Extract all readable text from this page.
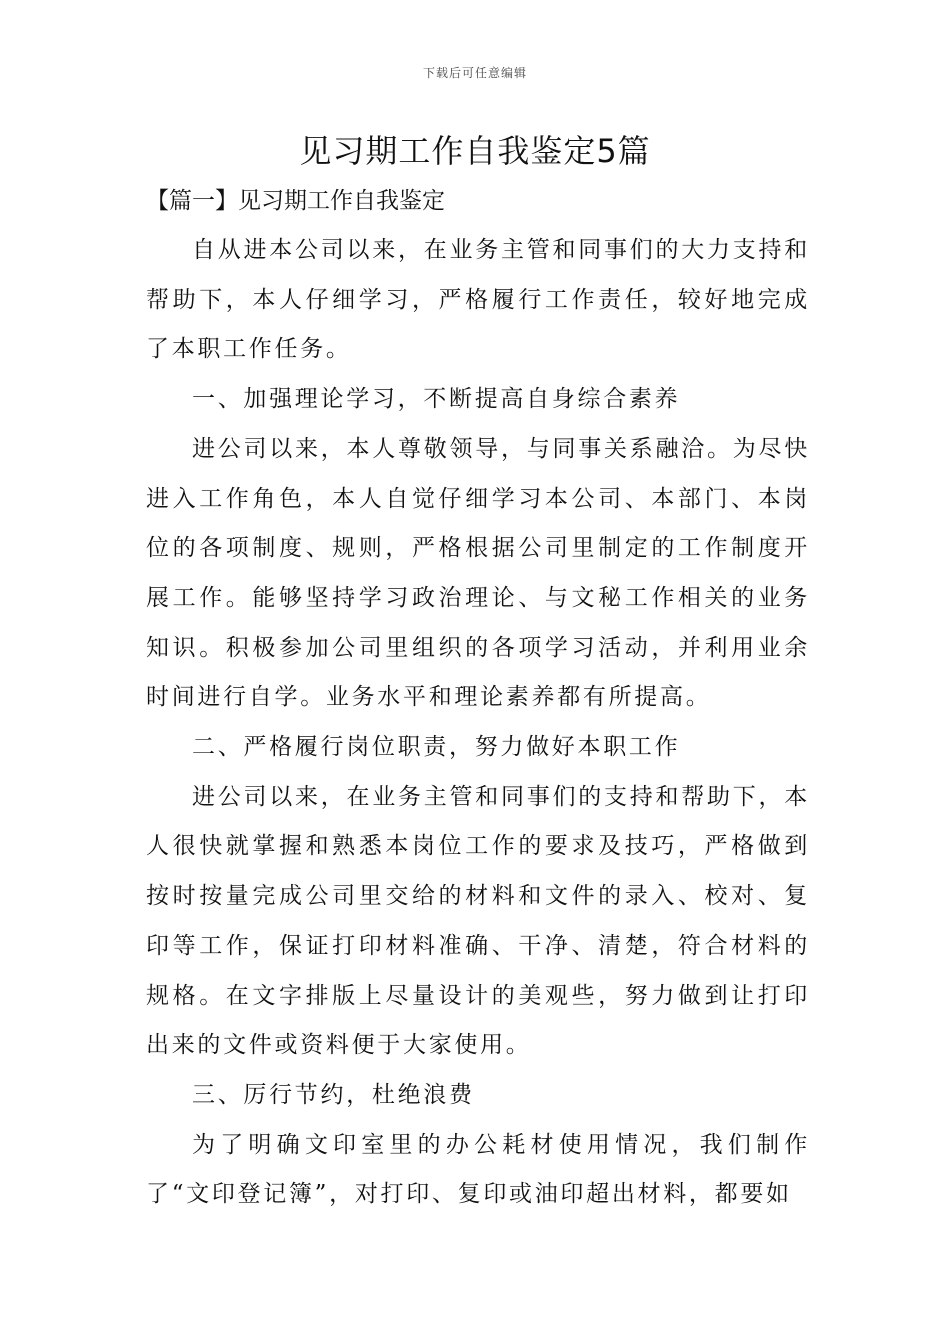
下载后可任意编辑
见习期工作自我鉴定5篇
【篇一】见习期工作自我鉴定

自从进本公司以来，在业务主管和同事们的大力支持和帮助下，本人仔细学习，严格履行工作责任，较好地完成了本职工作任务。

一、加强理论学习，不断提高自身综合素养

进公司以来，本人尊敬领导，与同事关系融洽。为尽快进入工作角色，本人自觉仔细学习本公司、本部门、本岗位的各项制度、规则，严格根据公司里制定的工作制度开展工作。能够坚持学习政治理论、与文秘工作相关的业务知识。积极参加公司里组织的各项学习活动，并利用业余时间进行自学。业务水平和理论素养都有所提高。

二、严格履行岗位职责，努力做好本职工作

进公司以来，在业务主管和同事们的支持和帮助下，本人很快就掌握和熟悉本岗位工作的要求及技巧，严格做到按时按量完成公司里交给的材料和文件的录入、校对、复印等工作，保证打印材料准确、干净、清楚，符合材料的规格。在文字排版上尽量设计的美观些，努力做到让打印出来的文件或资料便于大家使用。

三、厉行节约，杜绝浪费

为了明确文印室里的办公耗材使用情况，我们制作了“文印登记簿”，对打印、复印或油印超出材料，都要如
